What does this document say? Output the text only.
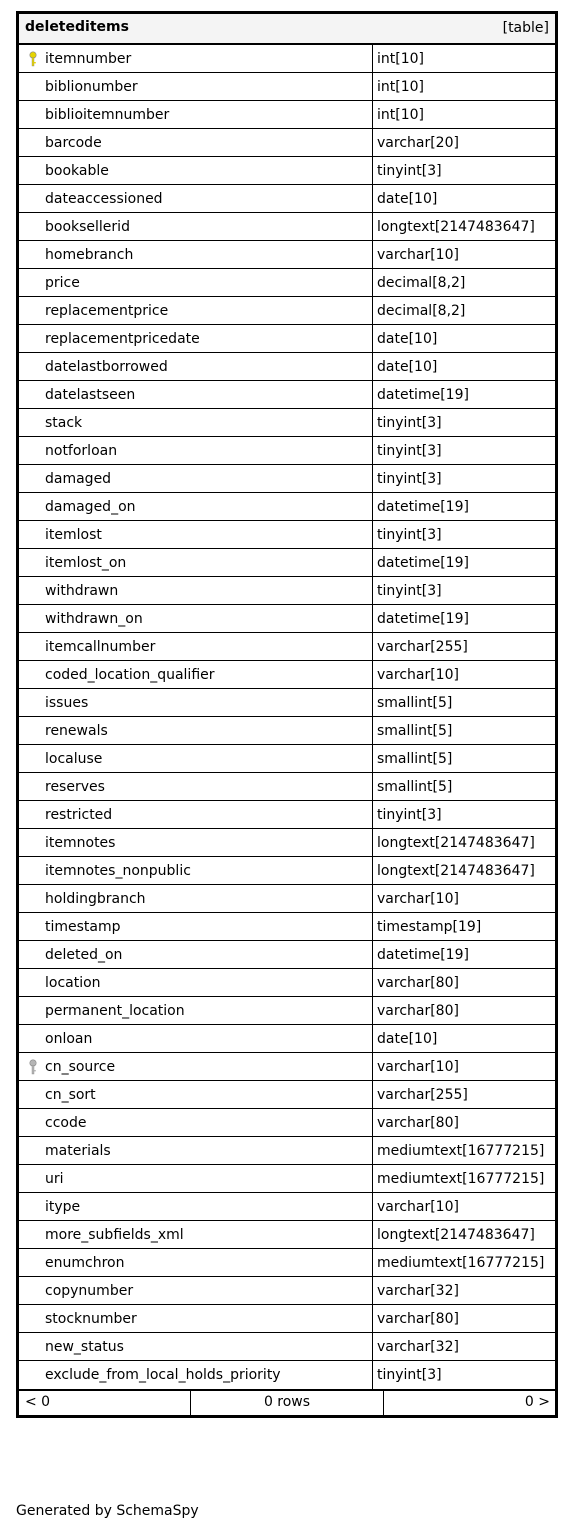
deleteditems	[table]
itemnumber	int[10]
biblionumber	int[10]
biblioitemnumber	int[10]
barcode	varchar[20]
bookable	tinyint[3]
dateaccessioned	date[10]
booksellerid	longtext[2147483647]
homebranch	varchar[10]
price	decimal[8,2]
replacementprice	decimal[8,2]
replacementpricedate	date[10]
datelastborrowed	date[10]
datelastseen	datetime[19]
stack	tinyint[3]
notforloan	tinyint[3]
damaged	tinyint[3]
damaged_on	datetime[19]
itemlost	tinyint[3]
itemlost_on	datetime[19]
withdrawn	tinyint[3]
withdrawn_on	datetime[19]
itemcallnumber	varchar[255]
coded_location_qualifier	varchar[10]
issues	smallint[5]
renewals	smallint[5]
localuse	smallint[5]
reserves	smallint[5]
restricted	tinyint[3]
itemnotes	longtext[2147483647]
itemnotes_nonpublic	longtext[2147483647]
holdingbranch	varchar[10]
timestamp	timestamp[19]
deleted_on	datetime[19]
location	varchar[80]
permanent_location	varchar[80]
onloan	date[10]
cn_source	varchar[10]
cn_sort	varchar[255]
ccode	varchar[80]
materials	mediumtext[16777215]
uri	mediumtext[16777215]
itype	varchar[10]
more_subfields_xml	longtext[2147483647]
enumchron	mediumtext[16777215]
copynumber	varchar[32]
stocknumber	varchar[80]
new_status	varchar[32]
exclude_from_local_holds_priority	tinyint[3]
< 0	0 rows	0 >
Generated by SchemaSpy
